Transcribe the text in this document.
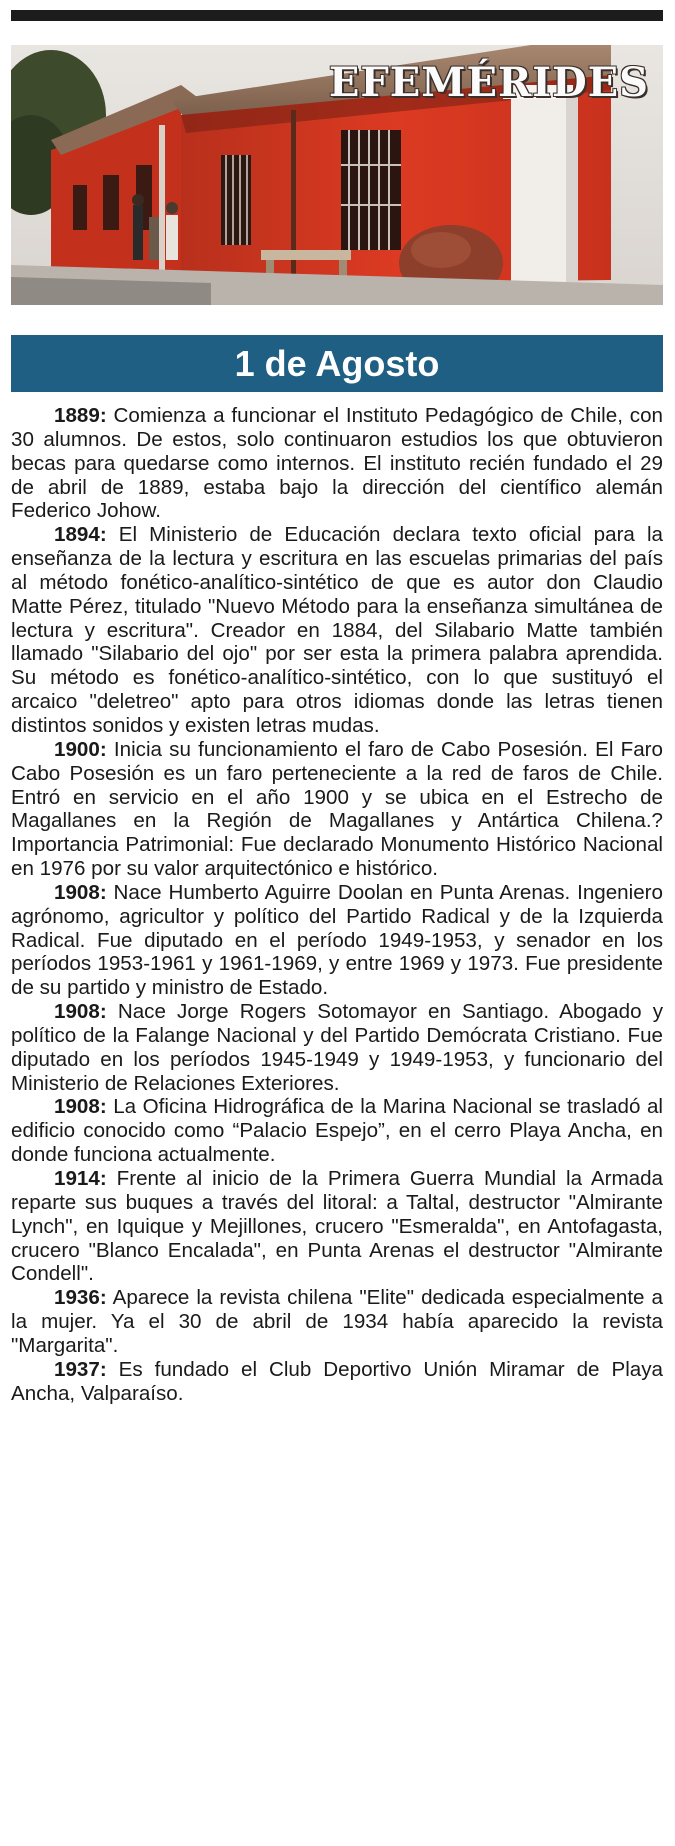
EFEMÉRIDES
1 de Agosto

1889: Comienza a funcionar el Instituto Pedagógico de Chile, con 30 alumnos. De estos, solo continuaron estudios los que obtuvieron becas para quedarse como internos. El instituto recién fundado el 29 de abril de 1889, estaba bajo la dirección del científico alemán Federico Johow.

1894: El Ministerio de Educación declara texto oficial para la enseñanza de la lectura y escritura en las escuelas primarias del país al método fonético-analítico-sintético de que es autor don Claudio Matte Pérez, titulado "Nuevo Método para la enseñanza simultánea de lectura y escritura". Creador en 1884, del Silabario Matte también llamado "Silabario del ojo" por ser esta la primera palabra aprendida. Su método es fonético-analítico-sintético, con lo que sustituyó el arcaico "deletreo" apto para otros idiomas donde las letras tienen distintos sonidos y existen letras mudas.

1900: Inicia su funcionamiento el faro de Cabo Posesión. El Faro Cabo Posesión es un faro perteneciente a la red de faros de Chile. Entró en servicio en el año 1900 y se ubica en el Estrecho de Magallanes en la Región de Magallanes y Antártica Chilena.? Importancia Patrimonial: Fue declarado Monumento Histórico Nacional en 1976 por su valor arquitectónico e histórico.

1908: Nace Humberto Aguirre Doolan en Punta Arenas. Ingeniero agrónomo, agricultor y político del Partido Radical y de la Izquierda Radical. Fue diputado en el período 1949-1953, y senador en los períodos 1953-1961 y 1961-1969, y entre 1969 y 1973. Fue presidente de su partido y ministro de Estado.

1908: Nace Jorge Rogers Sotomayor en Santiago. Abogado y político de la Falange Nacional y del Partido Demócrata Cristiano. Fue diputado en los períodos 1945-1949 y 1949-1953, y funcionario del Ministerio de Relaciones Exteriores.

1908: La Oficina Hidrográfica de la Marina Nacional se trasladó al edificio conocido como “Palacio Espejo”, en el cerro Playa Ancha, en donde funciona actualmente.

1914: Frente al inicio de la Primera Guerra Mundial la Armada reparte sus buques a través del litoral: a Taltal, destructor "Almirante Lynch", en Iquique y Mejillones, crucero "Esmeralda", en Antofagasta, crucero "Blanco Encalada", en Punta Arenas el destructor "Almirante Condell".

1936: Aparece la revista chilena "Elite" dedicada especialmente a la mujer. Ya el 30 de abril de 1934 había aparecido la revista "Margarita".

1937: Es fundado el Club Deportivo Unión Miramar de Playa Ancha, Valparaíso.
